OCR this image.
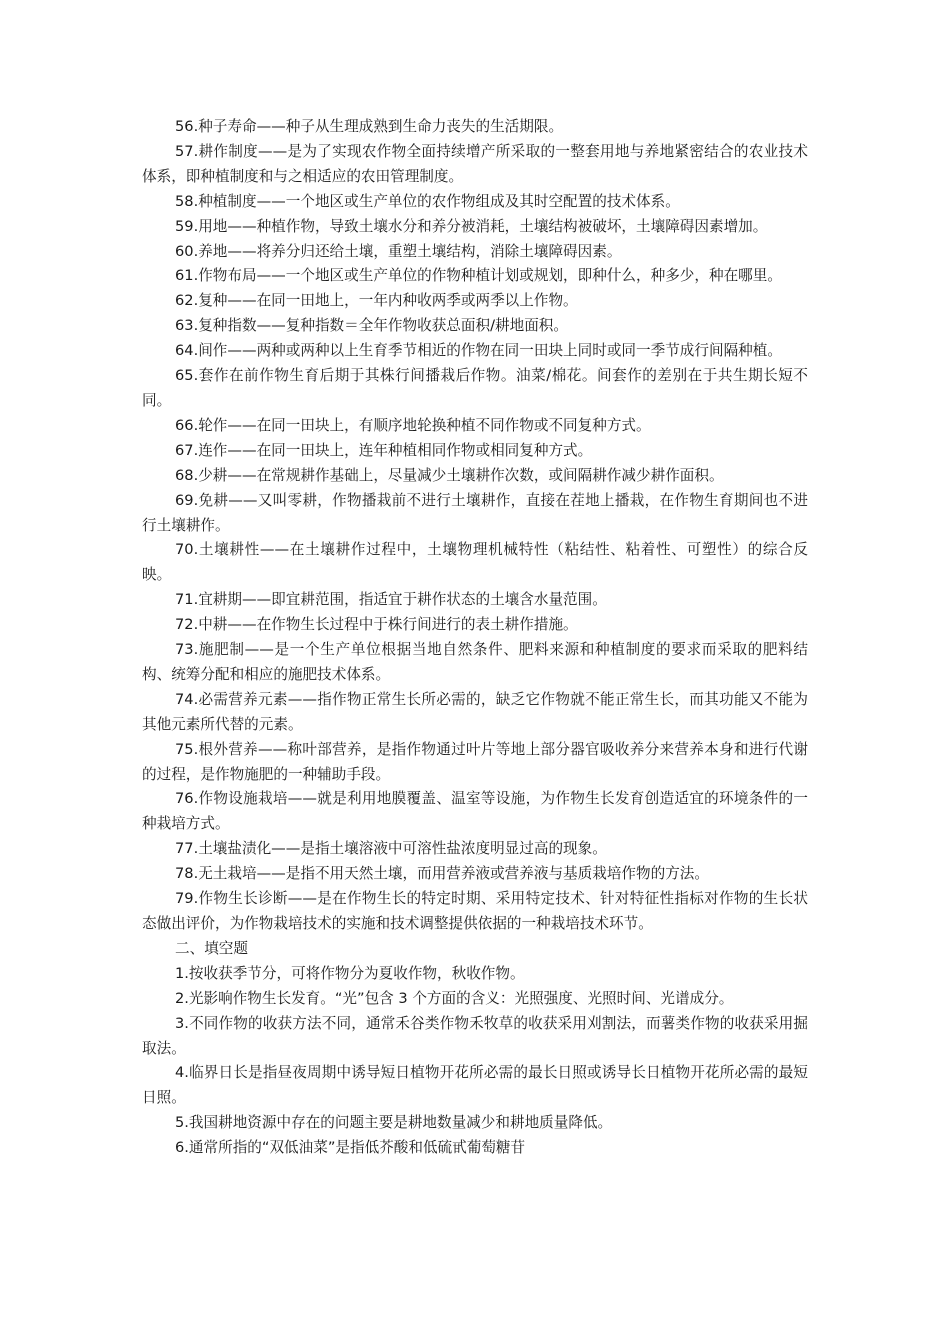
56.种子寿命——种子从生理成熟到生命力丧失的生活期限。

57.耕作制度——是为了实现农作物全面持续增产所采取的一整套用地与养地紧密结合的农业技术体系，即种植制度和与之相适应的农田管理制度。

58.种植制度——一个地区或生产单位的农作物组成及其时空配置的技术体系。

59.用地——种植作物，导致土壤水分和养分被消耗，土壤结构被破坏，土壤障碍因素增加。

60.养地——将养分归还给土壤，重塑土壤结构，消除土壤障碍因素。

61.作物布局——一个地区或生产单位的作物种植计划或规划，即种什么，种多少，种在哪里。

62.复种——在同一田地上，一年内种收两季或两季以上作物。

63.复种指数——复种指数＝全年作物收获总面积/耕地面积。

64.间作——两种或两种以上生育季节相近的作物在同一田块上同时或同一季节成行间隔种植。

65.套作在前作物生育后期于其株行间播栽后作物。油菜/棉花。间套作的差别在于共生期长短不同。

66.轮作——在同一田块上，有顺序地轮换种植不同作物或不同复种方式。

67.连作——在同一田块上，连年种植相同作物或相同复种方式。

68.少耕——在常规耕作基础上，尽量减少土壤耕作次数，或间隔耕作减少耕作面积。

69.免耕——又叫零耕，作物播栽前不进行土壤耕作，直接在茬地上播栽，在作物生育期间也不进行土壤耕作。

70.土壤耕性——在土壤耕作过程中，土壤物理机械特性（粘结性、粘着性、可塑性）的综合反映。

71.宜耕期——即宜耕范围，指适宜于耕作状态的土壤含水量范围。

72.中耕——在作物生长过程中于株行间进行的表土耕作措施。

73.施肥制——是一个生产单位根据当地自然条件、肥料来源和种植制度的要求而采取的肥料结构、统筹分配和相应的施肥技术体系。

74.必需营养元素——指作物正常生长所必需的，缺乏它作物就不能正常生长，而其功能又不能为其他元素所代替的元素。

75.根外营养——称叶部营养，是指作物通过叶片等地上部分器官吸收养分来营养本身和进行代谢的过程，是作物施肥的一种辅助手段。

76.作物设施栽培——就是利用地膜覆盖、温室等设施，为作物生长发育创造适宜的环境条件的一种栽培方式。

77.土壤盐渍化——是指土壤溶液中可溶性盐浓度明显过高的现象。

78.无土栽培——是指不用天然土壤，而用营养液或营养液与基质栽培作物的方法。

79.作物生长诊断——是在作物生长的特定时期、采用特定技术、针对特征性指标对作物的生长状态做出评价，为作物栽培技术的实施和技术调整提供依据的一种栽培技术环节。

二、填空题

1.按收获季节分，可将作物分为夏收作物，秋收作物。

2.光影响作物生长发育。“光”包含 3 个方面的含义：光照强度、光照时间、光谱成分。

3.不同作物的收获方法不同，通常禾谷类作物禾牧草的收获采用刈割法，而薯类作物的收获采用掘取法。

4.临界日长是指昼夜周期中诱导短日植物开花所必需的最长日照或诱导长日植物开花所必需的最短日照。

5.我国耕地资源中存在的问题主要是耕地数量减少和耕地质量降低。

6.通常所指的“双低油菜”是指低芥酸和低硫甙葡萄糖苷
